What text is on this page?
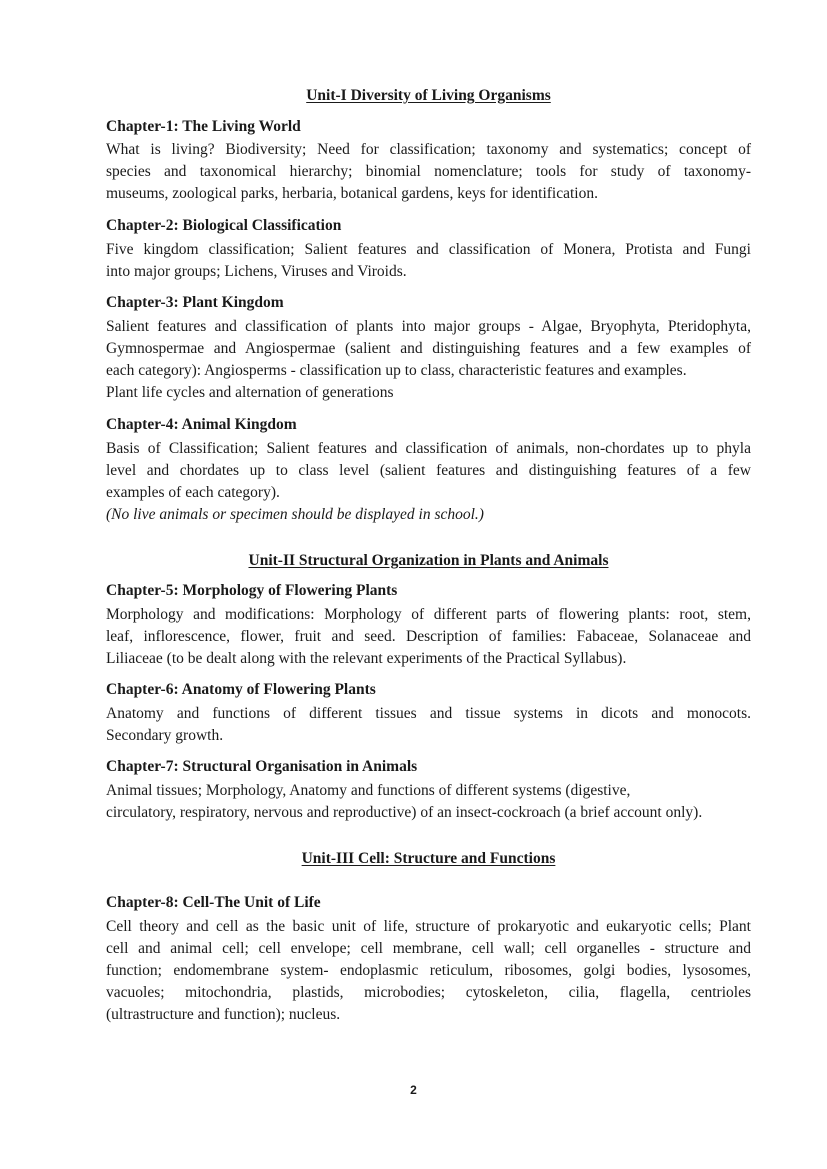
Unit-I Diversity of Living Organisms
Chapter-1: The Living World
What is living? Biodiversity; Need for classification; taxonomy and systematics; concept of
species and taxonomical hierarchy; binomial nomenclature; tools for study of taxonomy-
museums, zoological parks, herbaria, botanical gardens, keys for identification.
Chapter-2: Biological Classification
Five kingdom classification; Salient features and classification of Monera, Protista and Fungi
into major groups; Lichens, Viruses and Viroids.
Chapter-3: Plant Kingdom
Salient features and classification of plants into major groups - Algae, Bryophyta, Pteridophyta,
Gymnospermae and Angiospermae (salient and distinguishing features and a few examples of
each category): Angiosperms - classification up to class, characteristic features and examples.
Plant life cycles and alternation of generations
Chapter-4: Animal Kingdom
Basis of Classification; Salient features and classification of animals, non-chordates up to phyla
level and chordates up to class level (salient features and distinguishing features of a few
examples of each category).
(No live animals or specimen should be displayed in school.)
Unit-II Structural Organization in Plants and Animals
Chapter-5: Morphology of Flowering Plants
Morphology and modifications: Morphology of different parts of flowering plants: root, stem,
leaf, inflorescence, flower, fruit and seed. Description of families: Fabaceae, Solanaceae and
Liliaceae (to be dealt along with the relevant experiments of the Practical Syllabus).
Chapter-6: Anatomy of Flowering Plants
Anatomy and functions of different tissues and tissue systems in dicots and monocots.
Secondary growth.
Chapter-7: Structural Organisation in Animals
Animal tissues; Morphology, Anatomy and functions of different systems (digestive,
circulatory, respiratory, nervous and reproductive) of an insect-cockroach (a brief account only).
Unit-III Cell: Structure and Functions
Chapter-8: Cell-The Unit of Life
Cell theory and cell as the basic unit of life, structure of prokaryotic and eukaryotic cells; Plant
cell and animal cell; cell envelope; cell membrane, cell wall; cell organelles - structure and
function; endomembrane system- endoplasmic reticulum, ribosomes, golgi bodies, lysosomes,
vacuoles; mitochondria, plastids, microbodies; cytoskeleton, cilia, flagella, centrioles
(ultrastructure and function); nucleus.
2
